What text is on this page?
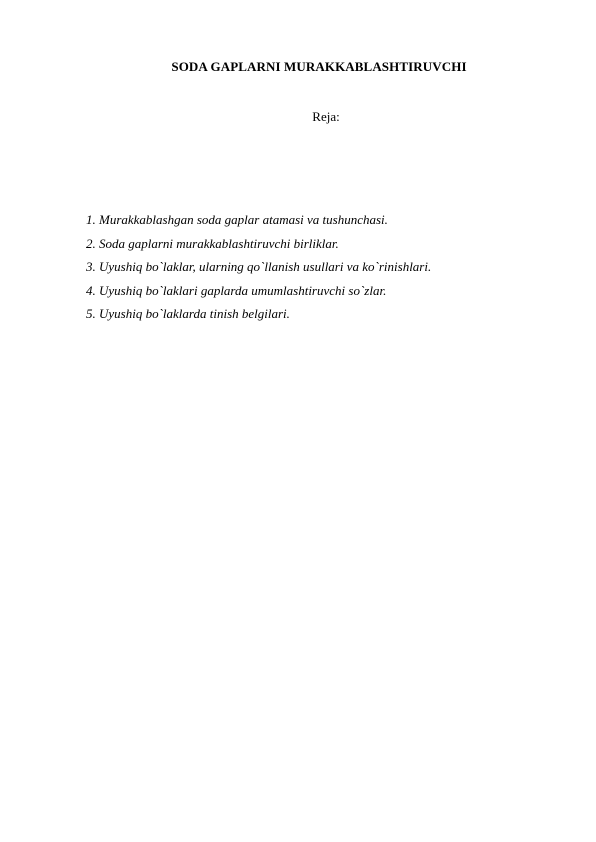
SODA GAPLARNI MURAKKABLASHTIRUVCHI

Reja:

1. Murakkablashgan soda gaplar atamasi va tushunchasi.
2. Soda gaplarni murakkablashtiruvchi birliklar.
3. Uyushiq bo`laklar, ularning qo`llanish usullari va ko`rinishlari.
4. Uyushiq bo`laklari gaplarda umumlashtiruvchi so`zlar.
5. Uyushiq bo`laklarda tinish belgilari.
